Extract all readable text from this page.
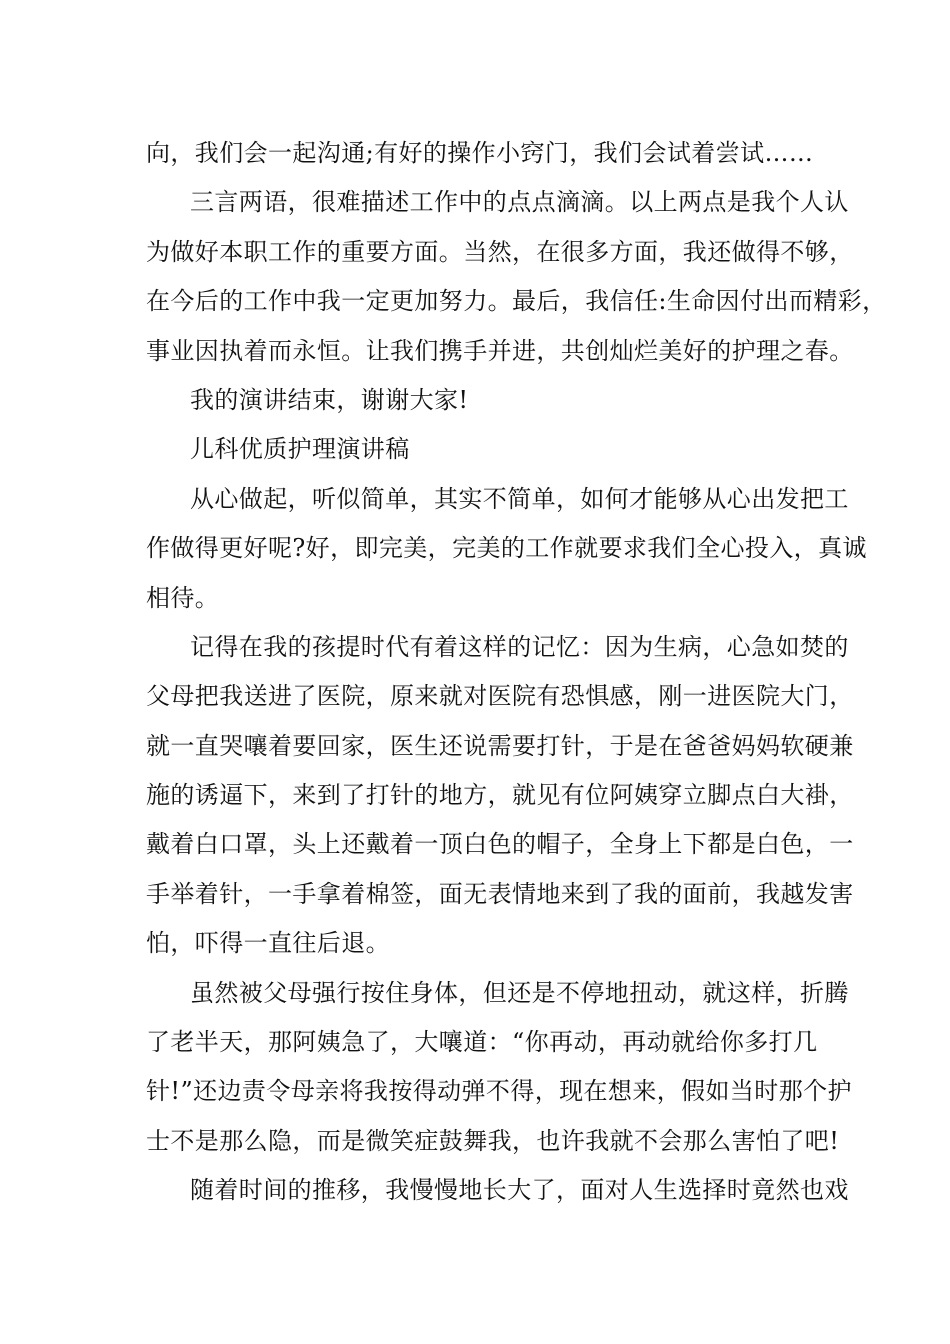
向，我们会一起沟通;有好的操作小窍门，我们会试着尝试……
三言两语，很难描述工作中的点点滴滴。以上两点是我个人认
为做好本职工作的重要方面。当然，在很多方面，我还做得不够，
在今后的工作中我一定更加努力。最后，我信任:生命因付出而精彩，
事业因执着而永恒。让我们携手并进，共创灿烂美好的护理之春。
我的演讲结束，谢谢大家!
儿科优质护理演讲稿
从心做起，听似简单，其实不简单，如何才能够从心出发把工
作做得更好呢?好，即完美，完美的工作就要求我们全心投入，真诚
相待。
记得在我的孩提时代有着这样的记忆：因为生病，心急如焚的
父母把我送进了医院，原来就对医院有恐惧感，刚一进医院大门，
就一直哭嚷着要回家，医生还说需要打针，于是在爸爸妈妈软硬兼
施的诱逼下，来到了打针的地方，就见有位阿姨穿立脚点白大褂，
戴着白口罩，头上还戴着一顶白色的帽子，全身上下都是白色，一
手举着针，一手拿着棉签，面无表情地来到了我的面前，我越发害
怕，吓得一直往后退。
虽然被父母强行按住身体，但还是不停地扭动，就这样，折腾
了老半天，那阿姨急了，大嚷道：“你再动，再动就给你多打几
针!”还边责令母亲将我按得动弹不得，现在想来，假如当时那个护
士不是那么隐，而是微笑症鼓舞我，也许我就不会那么害怕了吧!
随着时间的推移，我慢慢地长大了，面对人生选择时竟然也戏
